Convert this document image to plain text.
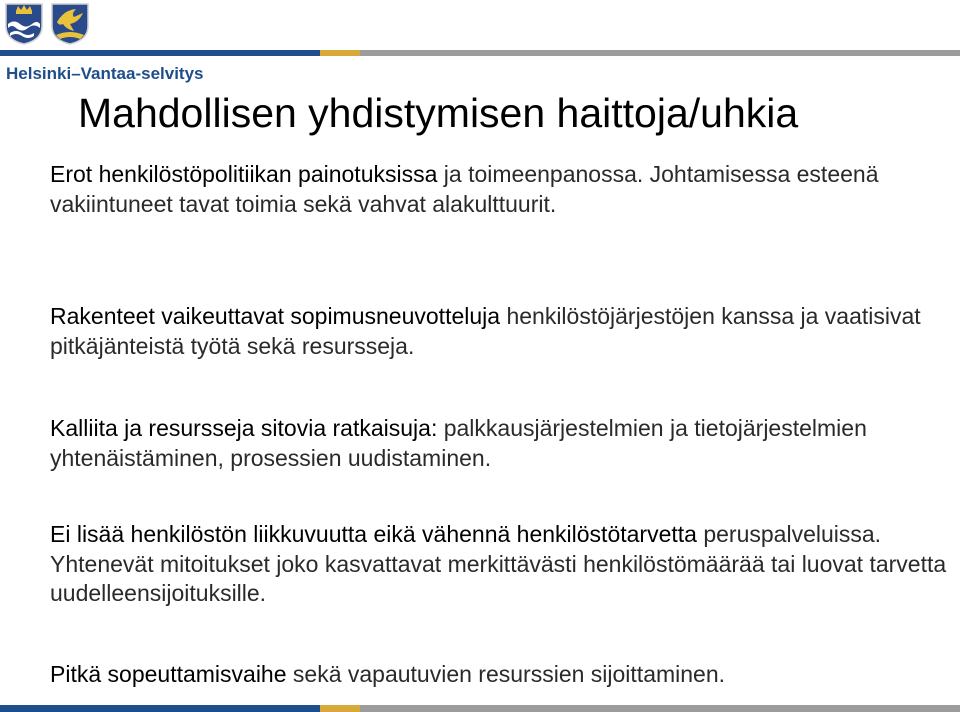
Helsinki–Vantaa-selvitys
Mahdollisen yhdistymisen haittoja/uhkia

Erot henkilöstöpolitiikan painotuksissa ja toimeenpanossa. Johtamisessa esteenä vakiintuneet tavat toimia sekä vahvat alakulttuurit.

Rakenteet vaikeuttavat sopimusneuvotteluja henkilöstöjärjestöjen kanssa ja vaatisivat pitkäjänteistä työtä sekä resursseja.

Kalliita ja resursseja sitovia ratkaisuja: palkkausjärjestelmien ja tietojärjestelmien yhtenäistäminen, prosessien uudistaminen.

Ei lisää henkilöstön liikkuvuutta eikä vähennä henkilöstötarvetta peruspalveluissa. Yhtenevät mitoitukset joko kasvattavat merkittävästi henkilöstömäärää tai luovat tarvetta uudelleensijoituksille.

Pitkä sopeuttamisvaihe sekä vapautuvien resurssien sijoittaminen.
